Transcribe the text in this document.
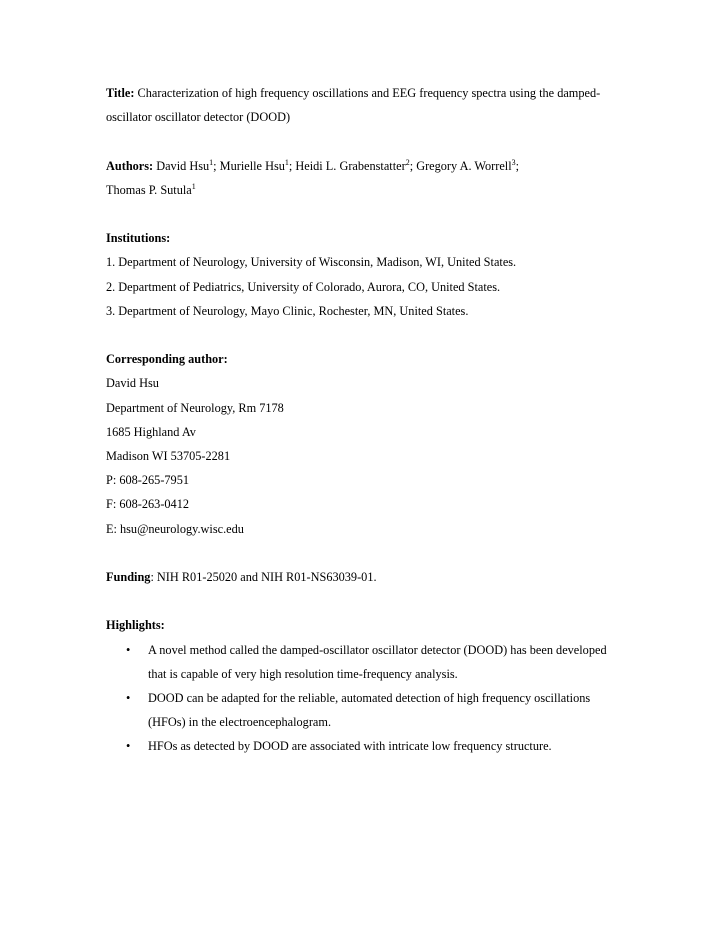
Title: Characterization of high frequency oscillations and EEG frequency spectra using the damped-oscillator oscillator detector (DOOD)
Authors: David Hsu$^1$; Murielle Hsu$^1$; Heidi L. Grabenstatter$^2$; Gregory A. Worrell$^3$;
Thomas P. Sutula$^1$
Institutions:
1. Department of Neurology, University of Wisconsin, Madison, WI, United States.
2. Department of Pediatrics, University of Colorado, Aurora, CO, United States.
3. Department of Neurology, Mayo Clinic, Rochester, MN, United States.
Corresponding author:
David Hsu
Department of Neurology, Rm 7178
1685 Highland Av
Madison WI 53705-2281
P: 608-265-7951
F: 608-263-0412
E: hsu@neurology.wisc.edu
Funding: NIH R01-25020 and NIH R01-NS63039-01.
Highlights:
• A novel method called the damped-oscillator oscillator detector (DOOD) has been developed that is capable of very high resolution time-frequency analysis.
• DOOD can be adapted for the reliable, automated detection of high frequency oscillations (HFOs) in the electroencephalogram.
• HFOs as detected by DOOD are associated with intricate low frequency structure.
